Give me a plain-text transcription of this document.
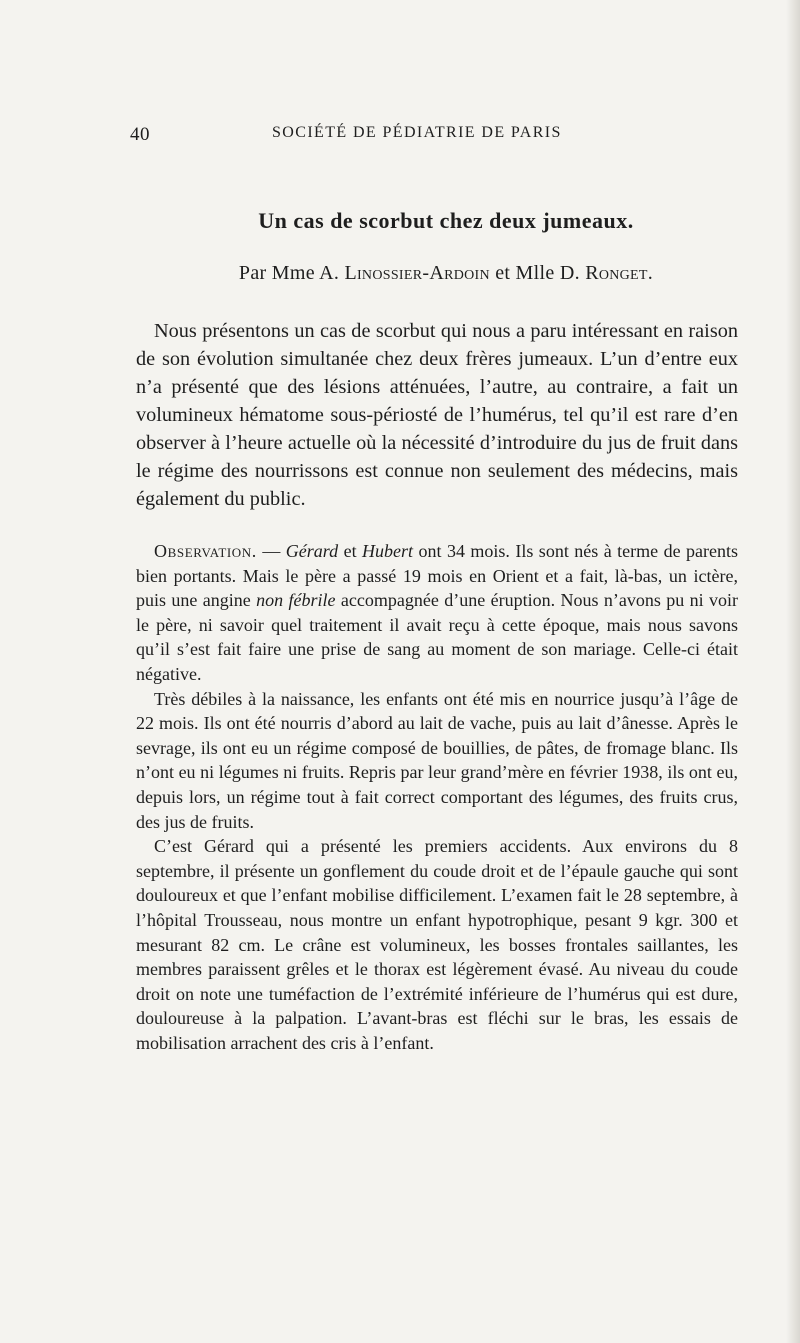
40	SOCIÉTÉ DE PÉDIATRIE DE PARIS
Un cas de scorbut chez deux jumeaux.
Par Mme A. Linossier-Ardoin et Mlle D. Ronget.

Nous présentons un cas de scorbut qui nous a paru intéressant en raison de son évolution simultanée chez deux frères jumeaux. L’un d’entre eux n’a présenté que des lésions atténuées, l’autre, au contraire, a fait un volumineux hématome sous-périosté de l’humérus, tel qu’il est rare d’en observer à l’heure actuelle où la nécessité d’introduire du jus de fruit dans le régime des nourrissons est connue non seulement des médecins, mais également du public.

Observation. — Gérard et Hubert ont 34 mois. Ils sont nés à terme de parents bien portants. Mais le père a passé 19 mois en Orient et a fait, là-bas, un ictère, puis une angine non fébrile accompagnée d’une éruption. Nous n’avons pu ni voir le père, ni savoir quel traitement il avait reçu à cette époque, mais nous savons qu’il s’est fait faire une prise de sang au moment de son mariage. Celle-ci était négative.

Très débiles à la naissance, les enfants ont été mis en nourrice jusqu’à l’âge de 22 mois. Ils ont été nourris d’abord au lait de vache, puis au lait d’ânesse. Après le sevrage, ils ont eu un régime composé de bouillies, de pâtes, de fromage blanc. Ils n’ont eu ni légumes ni fruits. Repris par leur grand’mère en février 1938, ils ont eu, depuis lors, un régime tout à fait correct comportant des légumes, des fruits crus, des jus de fruits.

C’est Gérard qui a présenté les premiers accidents. Aux environs du 8 septembre, il présente un gonflement du coude droit et de l’épaule gauche qui sont douloureux et que l’enfant mobilise difficilement. L’examen fait le 28 septembre, à l’hôpital Trousseau, nous montre un enfant hypotrophique, pesant 9 kgr. 300 et mesurant 82 cm. Le crâne est volumineux, les bosses frontales saillantes, les membres paraissent grêles et le thorax est légèrement évasé. Au niveau du coude droit on note une tuméfaction de l’extrémité inférieure de l’humérus qui est dure, douloureuse à la palpation. L’avant-bras est fléchi sur le bras, les essais de mobilisation arrachent des cris à l’enfant.
